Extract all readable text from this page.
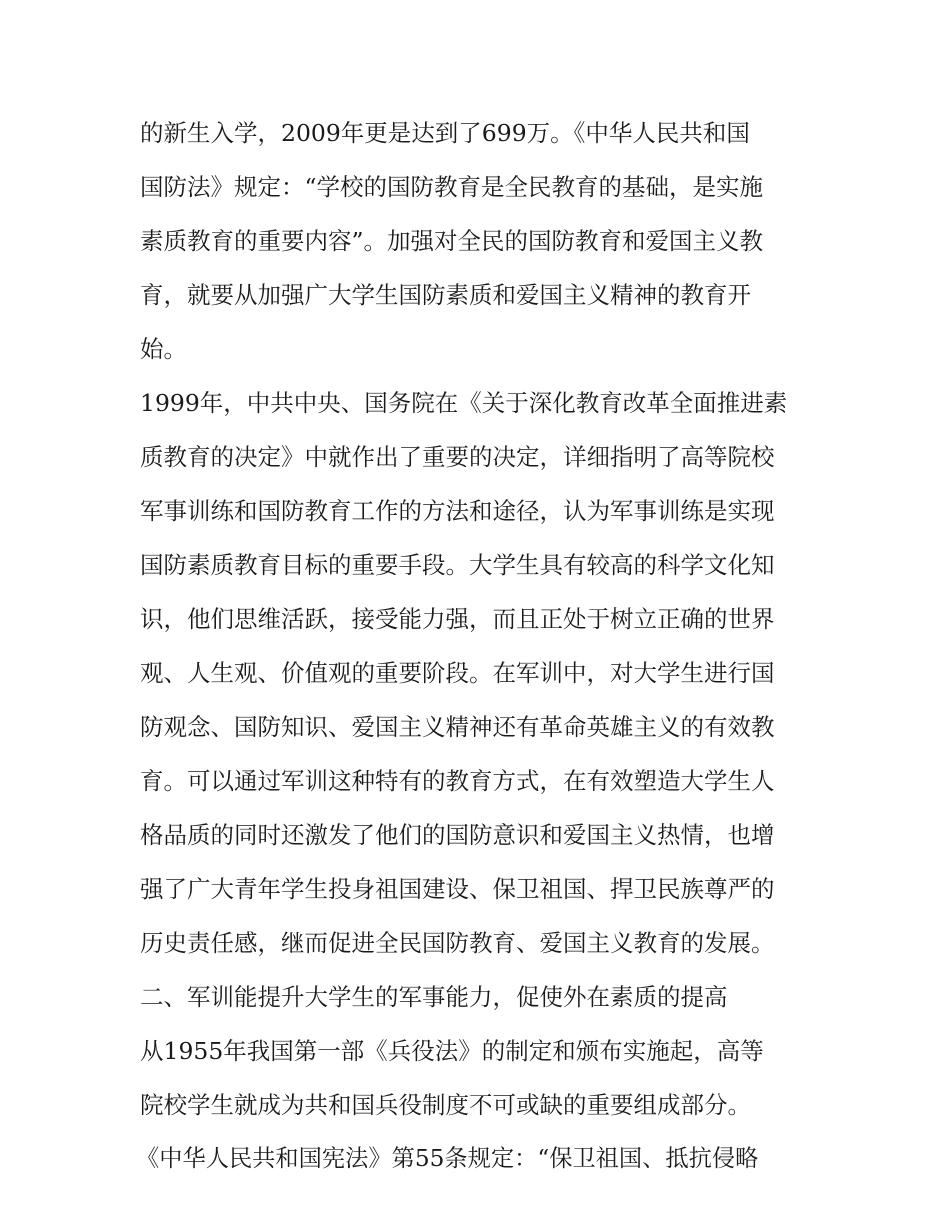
的新生入学，2009年更是达到了699万。《中华人民共和国
国防法》规定：“学校的国防教育是全民教育的基础，是实施
素质教育的重要内容”。加强对全民的国防教育和爱国主义教
育，就要从加强广大学生国防素质和爱国主义精神的教育开
始。
1999年，中共中央、国务院在《关于深化教育改革全面推进素
质教育的决定》中就作出了重要的决定，详细指明了高等院校
军事训练和国防教育工作的方法和途径，认为军事训练是实现
国防素质教育目标的重要手段。大学生具有较高的科学文化知
识，他们思维活跃，接受能力强，而且正处于树立正确的世界
观、人生观、价值观的重要阶段。在军训中，对大学生进行国
防观念、国防知识、爱国主义精神还有革命英雄主义的有效教
育。可以通过军训这种特有的教育方式，在有效塑造大学生人
格品质的同时还激发了他们的国防意识和爱国主义热情，也增
强了广大青年学生投身祖国建设、保卫祖国、捍卫民族尊严的
历史责任感，继而促进全民国防教育、爱国主义教育的发展。
二、军训能提升大学生的军事能力，促使外在素质的提高
从1955年我国第一部《兵役法》的制定和颁布实施起，高等
院校学生就成为共和国兵役制度不可或缺的重要组成部分。
《中华人民共和国宪法》第55条规定：“保卫祖国、抵抗侵略
